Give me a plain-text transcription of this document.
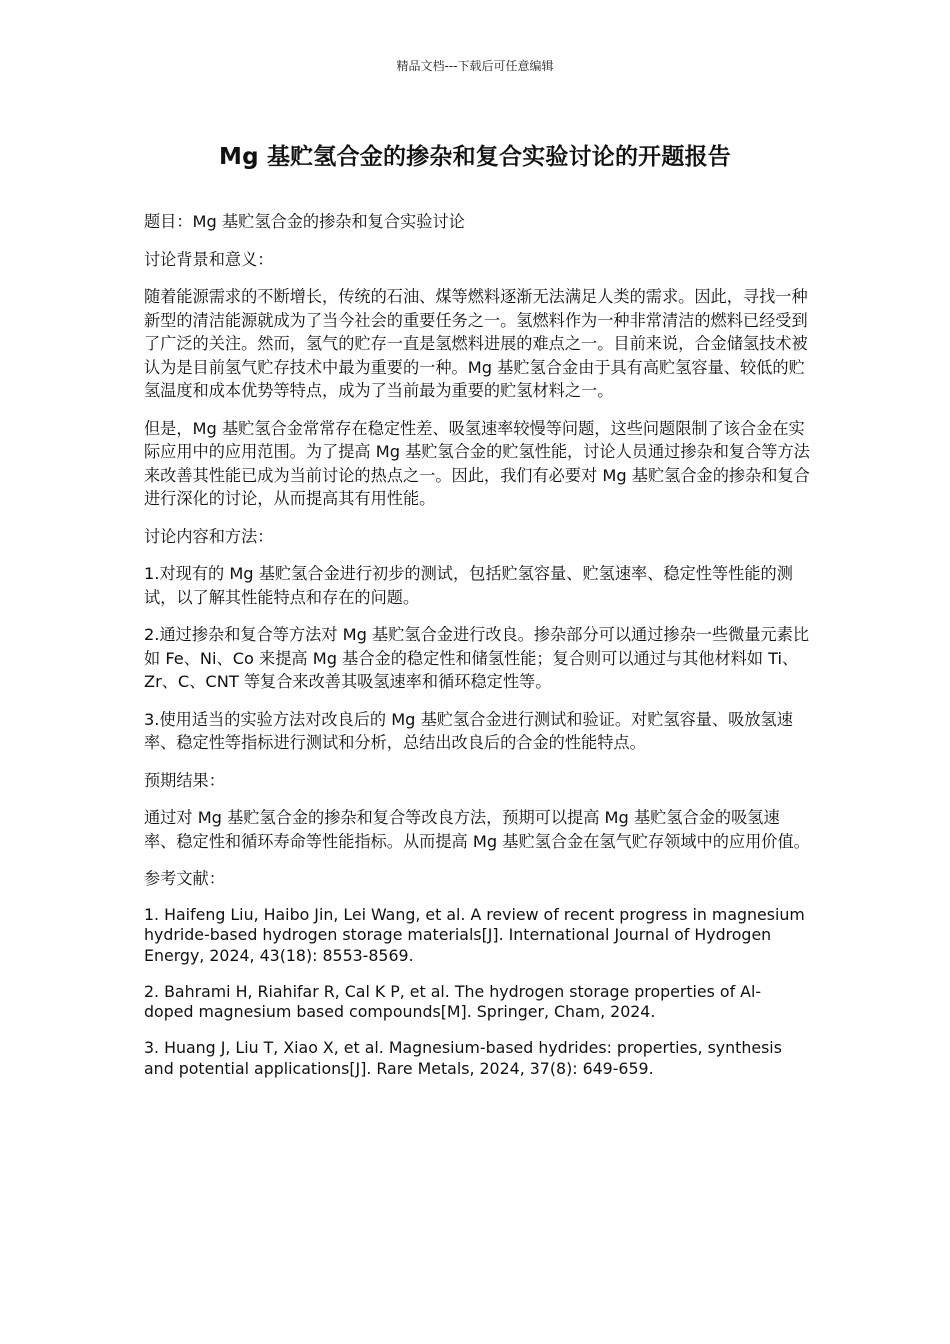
精品文档---下载后可任意编辑
Mg 基贮氢合金的掺杂和复合实验讨论的开题报告

题目：Mg 基贮氢合金的掺杂和复合实验讨论

讨论背景和意义：

随着能源需求的不断增长，传统的石油、煤等燃料逐渐无法满足人类的需求。因此，寻找一种新型的清洁能源就成为了当今社会的重要任务之一。氢燃料作为一种非常清洁的燃料已经受到了广泛的关注。然而，氢气的贮存一直是氢燃料进展的难点之一。目前来说，合金储氢技术被认为是目前氢气贮存技术中最为重要的一种。Mg 基贮氢合金由于具有高贮氢容量、较低的贮氢温度和成本优势等特点，成为了当前最为重要的贮氢材料之一。

但是，Mg 基贮氢合金常常存在稳定性差、吸氢速率较慢等问题，这些问题限制了该合金在实际应用中的应用范围。为了提高 Mg 基贮氢合金的贮氢性能，讨论人员通过掺杂和复合等方法来改善其性能已成为当前讨论的热点之一。因此，我们有必要对 Mg 基贮氢合金的掺杂和复合进行深化的讨论，从而提高其有用性能。

讨论内容和方法：

1.对现有的 Mg 基贮氢合金进行初步的测试，包括贮氢容量、贮氢速率、稳定性等性能的测试，以了解其性能特点和存在的问题。

2.通过掺杂和复合等方法对 Mg 基贮氢合金进行改良。掺杂部分可以通过掺杂一些微量元素比如 Fe、Ni、Co 来提高 Mg 基合金的稳定性和储氢性能；复合则可以通过与其他材料如 Ti、Zr、C、CNT 等复合来改善其吸氢速率和循环稳定性等。

3.使用适当的实验方法对改良后的 Mg 基贮氢合金进行测试和验证。对贮氢容量、吸放氢速率、稳定性等指标进行测试和分析，总结出改良后的合金的性能特点。

预期结果：

通过对 Mg 基贮氢合金的掺杂和复合等改良方法，预期可以提高 Mg 基贮氢合金的吸氢速率、稳定性和循环寿命等性能指标。从而提高 Mg 基贮氢合金在氢气贮存领域中的应用价值。

参考文献：

1. Haifeng Liu, Haibo Jin, Lei Wang, et al. A review of recent progress in magnesium hydride-based hydrogen storage materials[J]. International Journal of Hydrogen Energy, 2024, 43(18): 8553-8569.

2. Bahrami H, Riahifar R, Cal K P, et al. The hydrogen storage properties of Al-doped magnesium based compounds[M]. Springer, Cham, 2024.

3. Huang J, Liu T, Xiao X, et al. Magnesium-based hydrides: properties, synthesis and potential applications[J]. Rare Metals, 2024, 37(8): 649-659.
